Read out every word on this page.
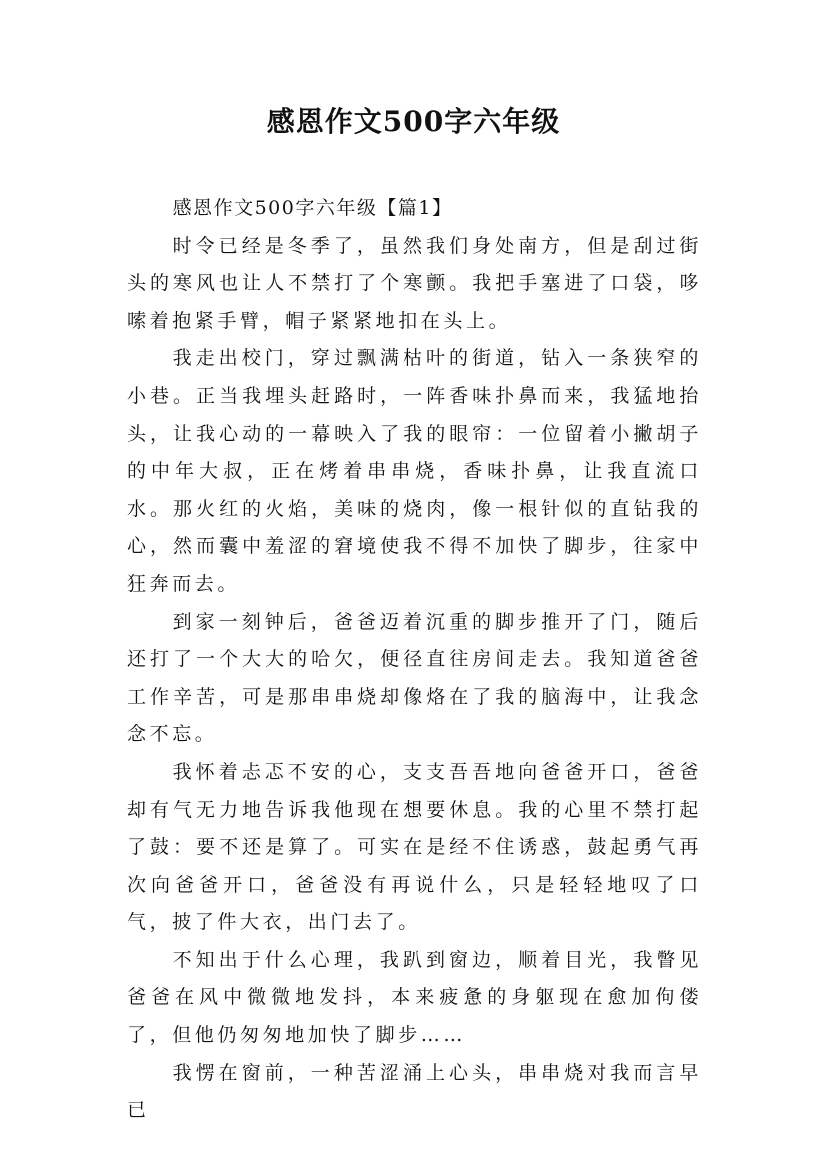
感恩作文500字六年级

感恩作文500字六年级【篇1】

时令已经是冬季了，虽然我们身处南方，但是刮过街头的寒风也让人不禁打了个寒颤。我把手塞进了口袋，哆嗦着抱紧手臂，帽子紧紧地扣在头上。

我走出校门，穿过飘满枯叶的街道，钻入一条狭窄的小巷。正当我埋头赶路时，一阵香味扑鼻而来，我猛地抬头，让我心动的一幕映入了我的眼帘：一位留着小撇胡子的中年大叔，正在烤着串串烧，香味扑鼻，让我直流口水。那火红的火焰，美味的烧肉，像一根针似的直钻我的心，然而囊中羞涩的窘境使我不得不加快了脚步，往家中狂奔而去。

到家一刻钟后，爸爸迈着沉重的脚步推开了门，随后还打了一个大大的哈欠，便径直往房间走去。我知道爸爸工作辛苦，可是那串串烧却像烙在了我的脑海中，让我念念不忘。

我怀着忐忑不安的心，支支吾吾地向爸爸开口，爸爸却有气无力地告诉我他现在想要休息。我的心里不禁打起了鼓：要不还是算了。可实在是经不住诱惑，鼓起勇气再次向爸爸开口，爸爸没有再说什么，只是轻轻地叹了口气，披了件大衣，出门去了。

不知出于什么心理，我趴到窗边，顺着目光，我瞥见爸爸在风中微微地发抖，本来疲惫的身躯现在愈加佝偻了，但他仍匆匆地加快了脚步……

我愣在窗前，一种苦涩涌上心头，串串烧对我而言早已
